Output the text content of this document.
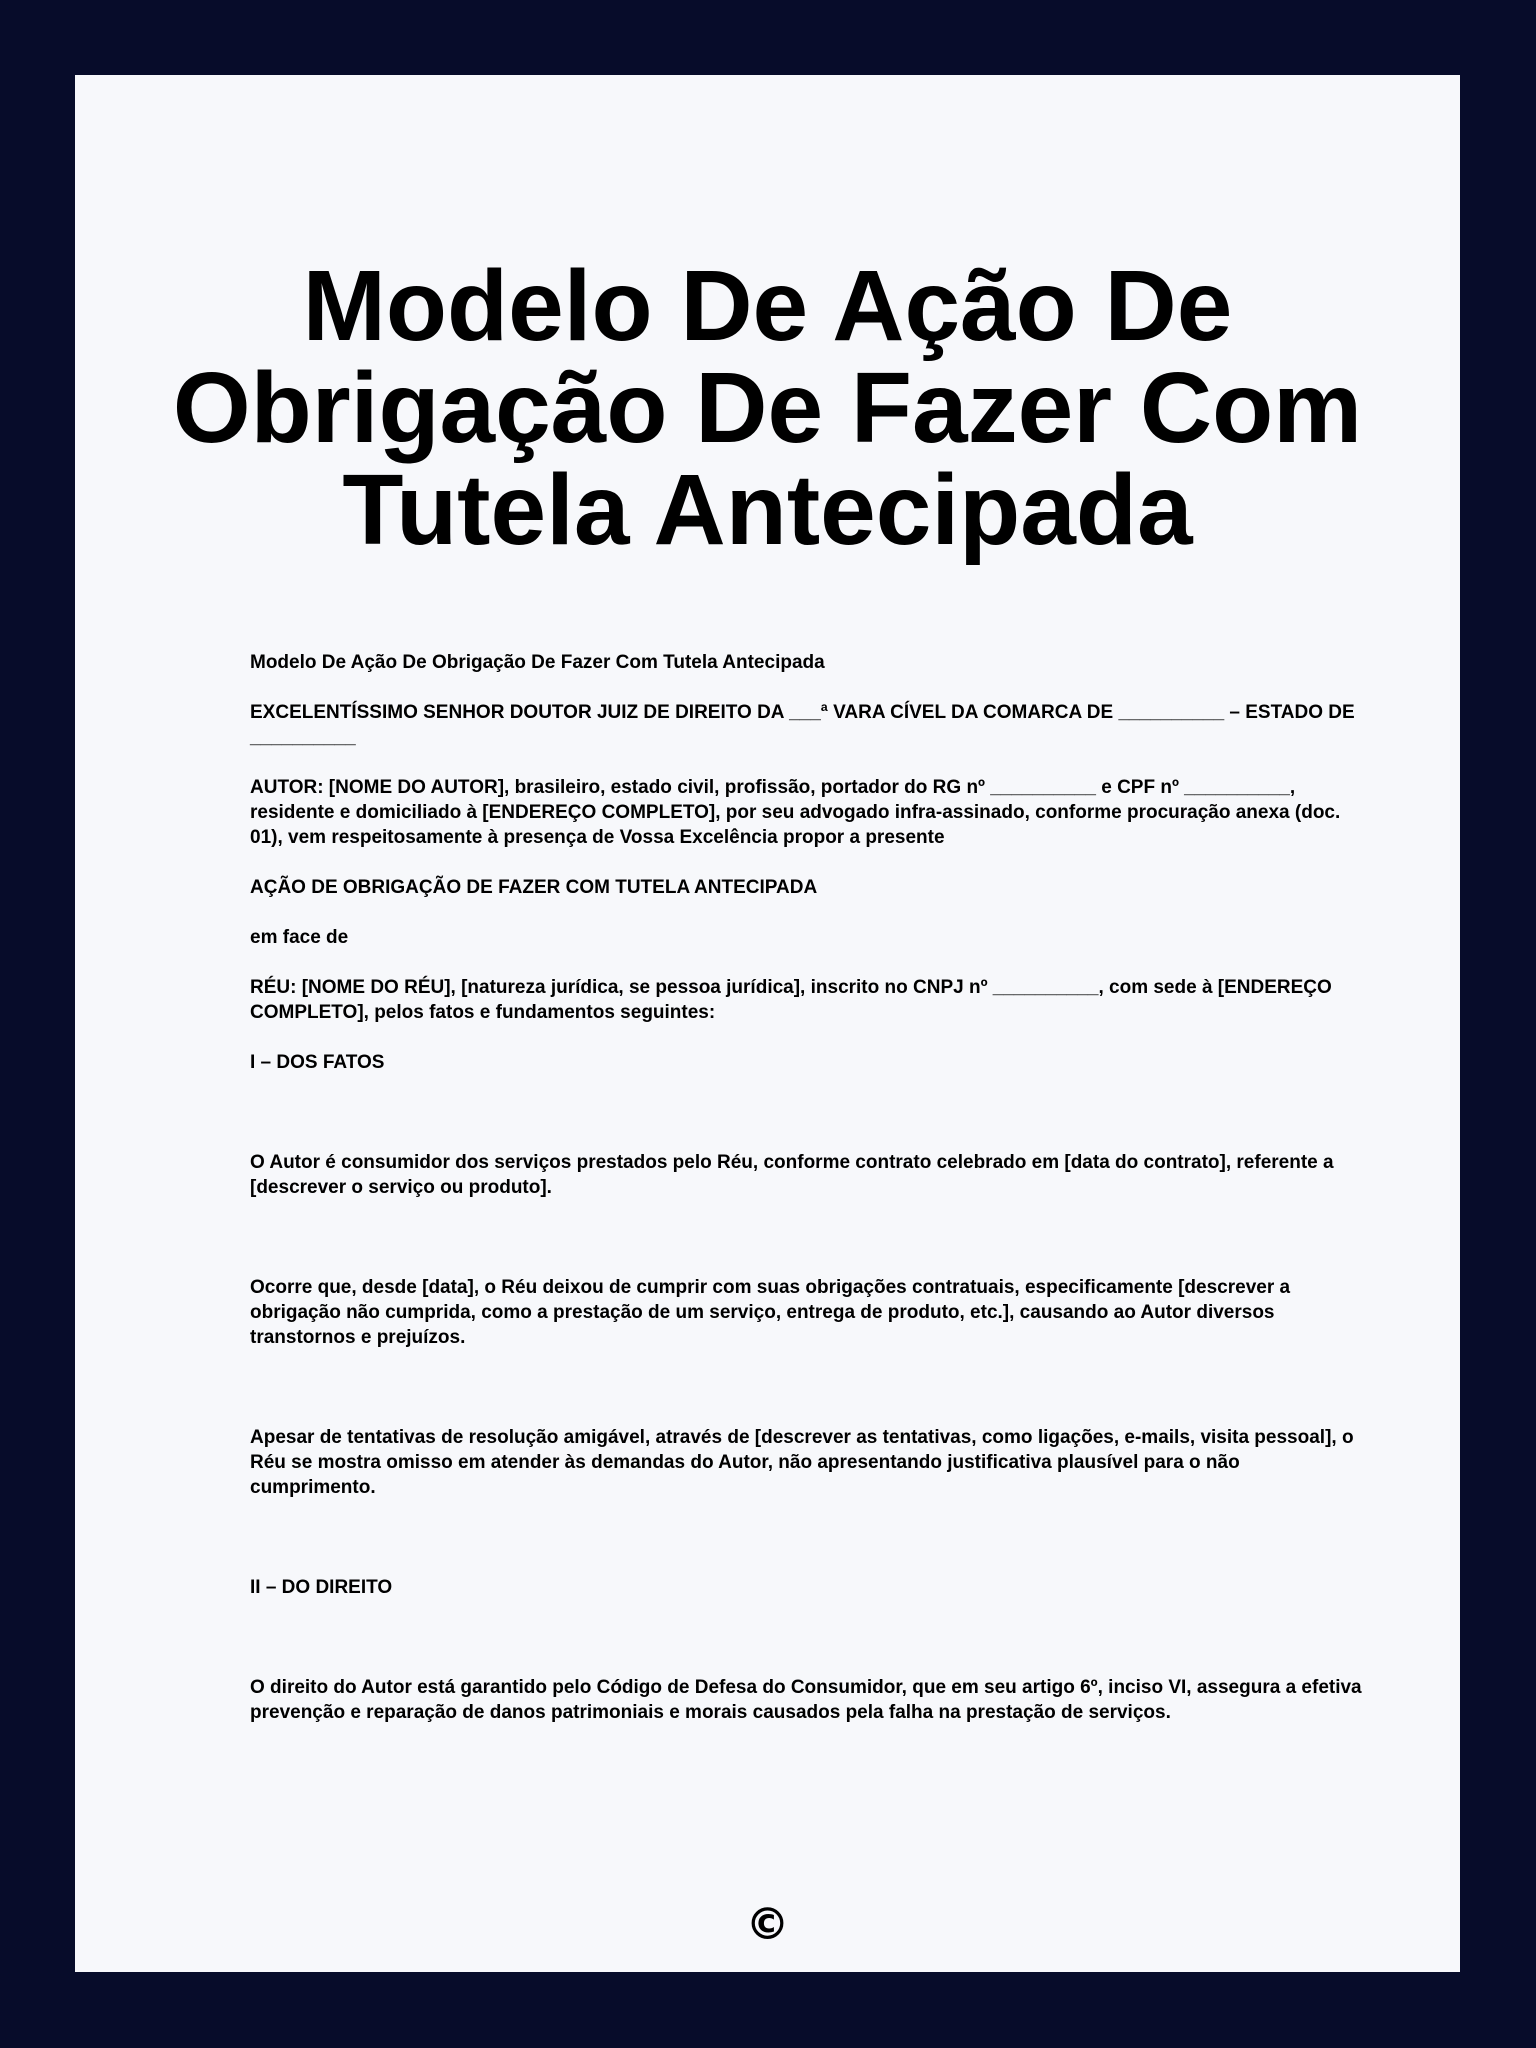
Modelo De Ação De Obrigação De Fazer Com Tutela Antecipada

Modelo De Ação De Obrigação De Fazer Com Tutela Antecipada

EXCELENTÍSSIMO SENHOR DOUTOR JUIZ DE DIREITO DA ___ª VARA CÍVEL DA COMARCA DE __________ – ESTADO DE __________

AUTOR: [NOME DO AUTOR], brasileiro, estado civil, profissão, portador do RG nº __________ e CPF nº __________, residente e domiciliado à [ENDEREÇO COMPLETO], por seu advogado infra-assinado, conforme procuração anexa (doc. 01), vem respeitosamente à presença de Vossa Excelência propor a presente

AÇÃO DE OBRIGAÇÃO DE FAZER COM TUTELA ANTECIPADA

em face de

RÉU: [NOME DO RÉU], [natureza jurídica, se pessoa jurídica], inscrito no CNPJ nº __________, com sede à [ENDEREÇO COMPLETO], pelos fatos e fundamentos seguintes:

I – DOS FATOS

O Autor é consumidor dos serviços prestados pelo Réu, conforme contrato celebrado em [data do contrato], referente a [descrever o serviço ou produto].

Ocorre que, desde [data], o Réu deixou de cumprir com suas obrigações contratuais, especificamente [descrever a obrigação não cumprida, como a prestação de um serviço, entrega de produto, etc.], causando ao Autor diversos transtornos e prejuízos.

Apesar de tentativas de resolução amigável, através de [descrever as tentativas, como ligações, e-mails, visita pessoal], o Réu se mostra omisso em atender às demandas do Autor, não apresentando justificativa plausível para o não cumprimento.

II – DO DIREITO

O direito do Autor está garantido pelo Código de Defesa do Consumidor, que em seu artigo 6º, inciso VI, assegura a efetiva prevenção e reparação de danos patrimoniais e morais causados pela falha na prestação de serviços.

©
